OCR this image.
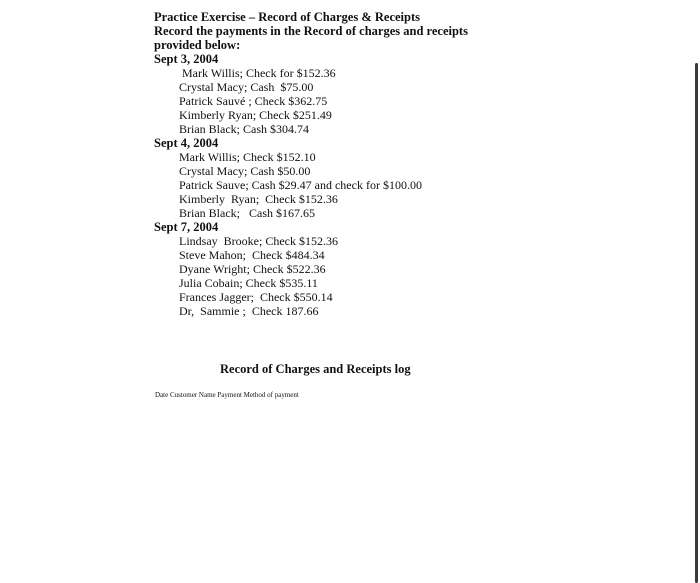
Practice Exercise – Record of Charges & Receipts

Record the payments in the Record of charges and receipts

provided below:

Sept 3, 2004

Mark Willis; Check for $152.36
Crystal Macy; Cash  $75.00
Patrick Sauvé ; Check $362.75
Kimberly Ryan; Check $251.49
Brian Black; Cash $304.74

Sept 4, 2004

Mark Willis; Check $152.10
Crystal Macy; Cash $50.00
Patrick Sauve; Cash $29.47 and check for $100.00
Kimberly  Ryan;  Check $152.36
Brian Black;   Cash $167.65

Sept 7, 2004

Lindsay  Brooke; Check $152.36
Steve Mahon;  Check $484.34
Dyane Wright; Check $522.36
Julia Cobain; Check $535.11
Frances Jagger;  Check $550.14
Dr,  Sammie ;  Check 187.66
Record of Charges and Receipts log
Date Customer Name Payment Method of payment
